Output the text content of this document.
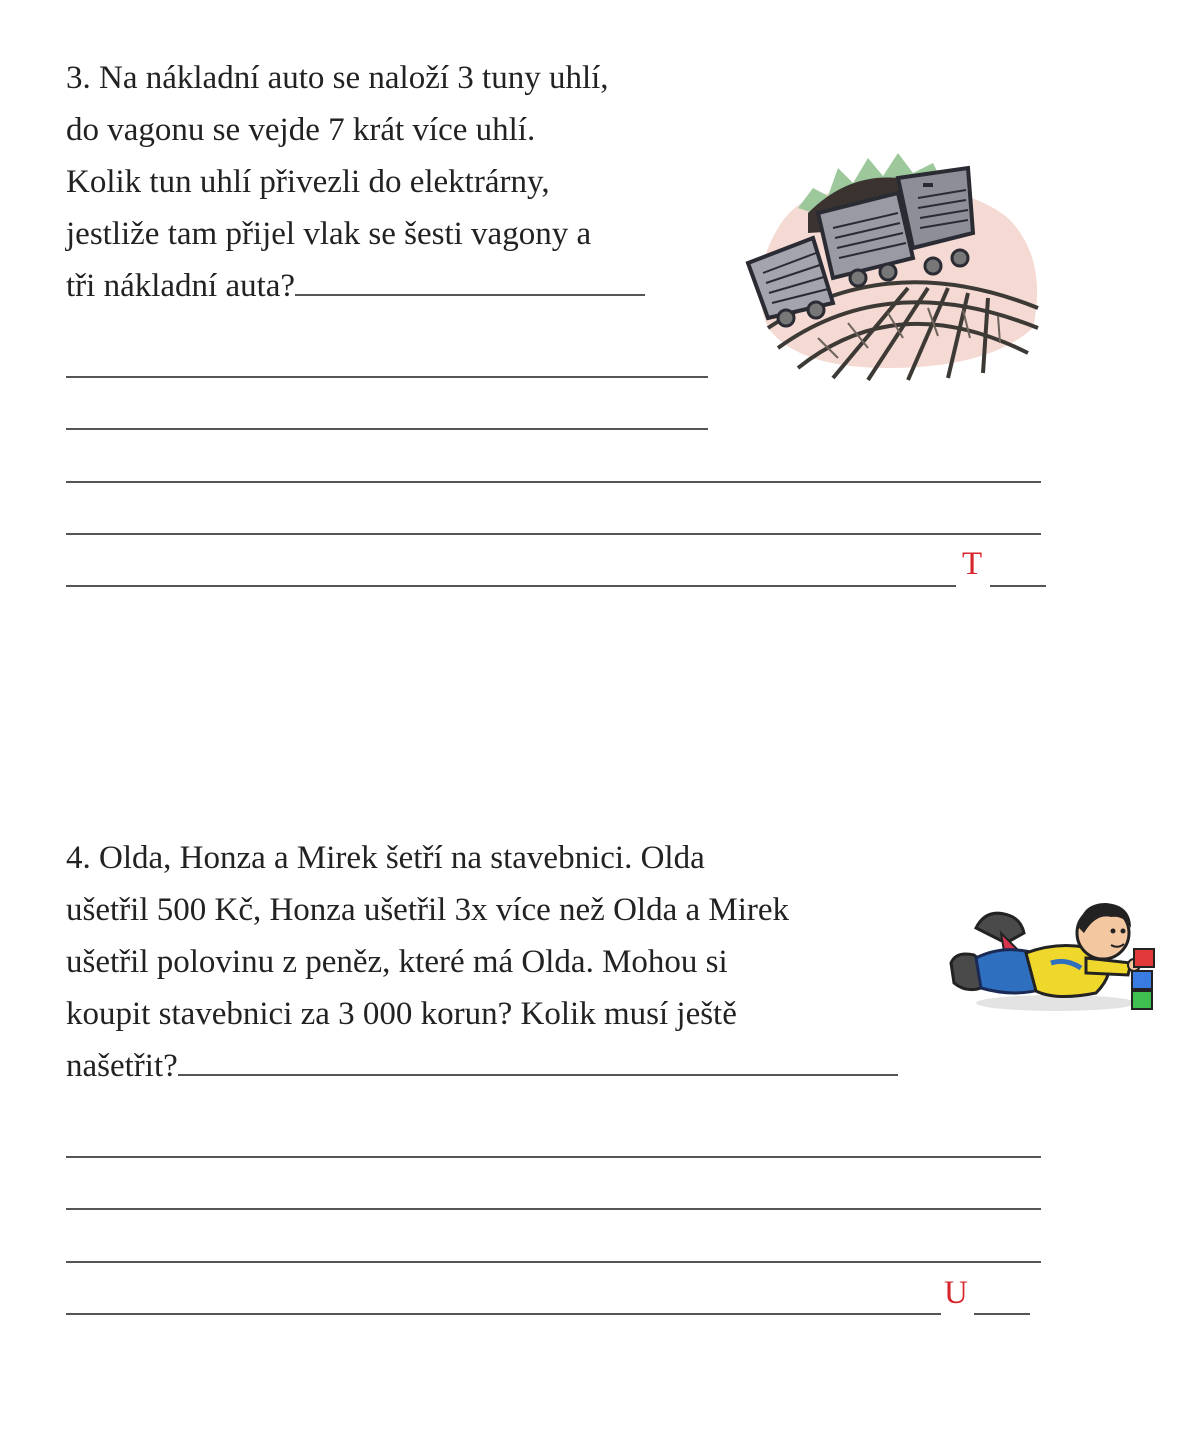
3. Na nákladní auto se naloží 3 tuny uhlí,
do vagonu se vejde 7 krát více uhlí.
Kolik tun uhlí přivezli do elektrárny,
jestliže tam přijel vlak se šesti vagony a
tři nákladní auta?
T
4. Olda, Honza a Mirek šetří na stavebnici. Olda
ušetřil 500 Kč, Honza ušetřil 3x více než Olda a Mirek
ušetřil polovinu z peněz, které má Olda. Mohou si
koupit stavebnici za 3 000 korun? Kolik musí ještě
našetřit?
U
